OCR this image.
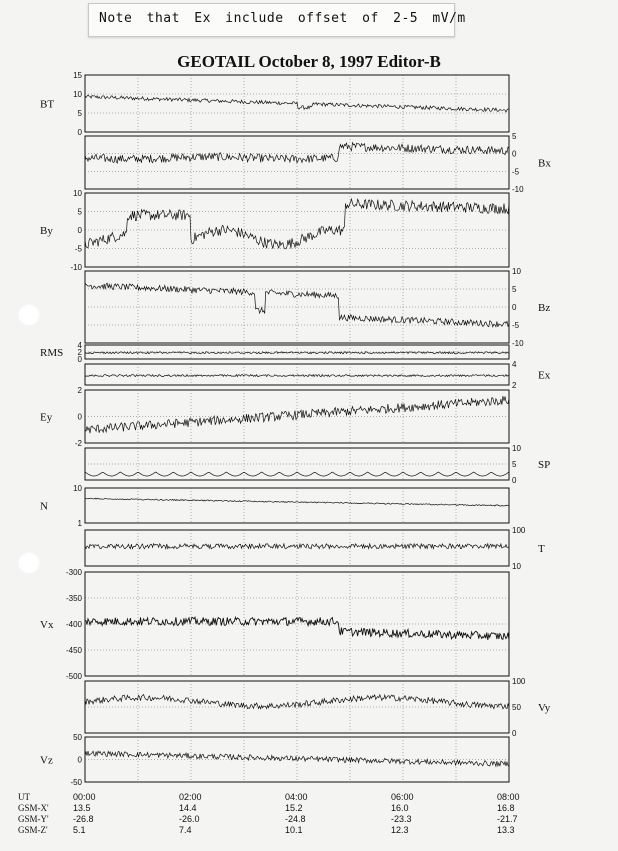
Note that Ex include offset of 2-5 mV/m
GEOTAIL October 8, 1997 Editor-B
15
10
5
0
BT
5
0
-5
-10
Bx
10
5
0
-5
-10
By
10
5
0
-5
-10
Bz
4
2
0
RMS
4
2
Ex
2
0
-2
Ey
10
5
0
SP
10
1
N
100
10
T
-300
-350
-400
-450
-500
Vx
100
50
0
Vy
50
0
-50
Vz
UT
GSM-X'
GSM-Y'
GSM-Z'
00:00
13.5
-26.8
5.1
02:00
14.4
-26.0
7.4
04:00
15.2
-24.8
10.1
06:00
16.0
-23.3
12.3
08:00
16.8
-21.7
13.3
